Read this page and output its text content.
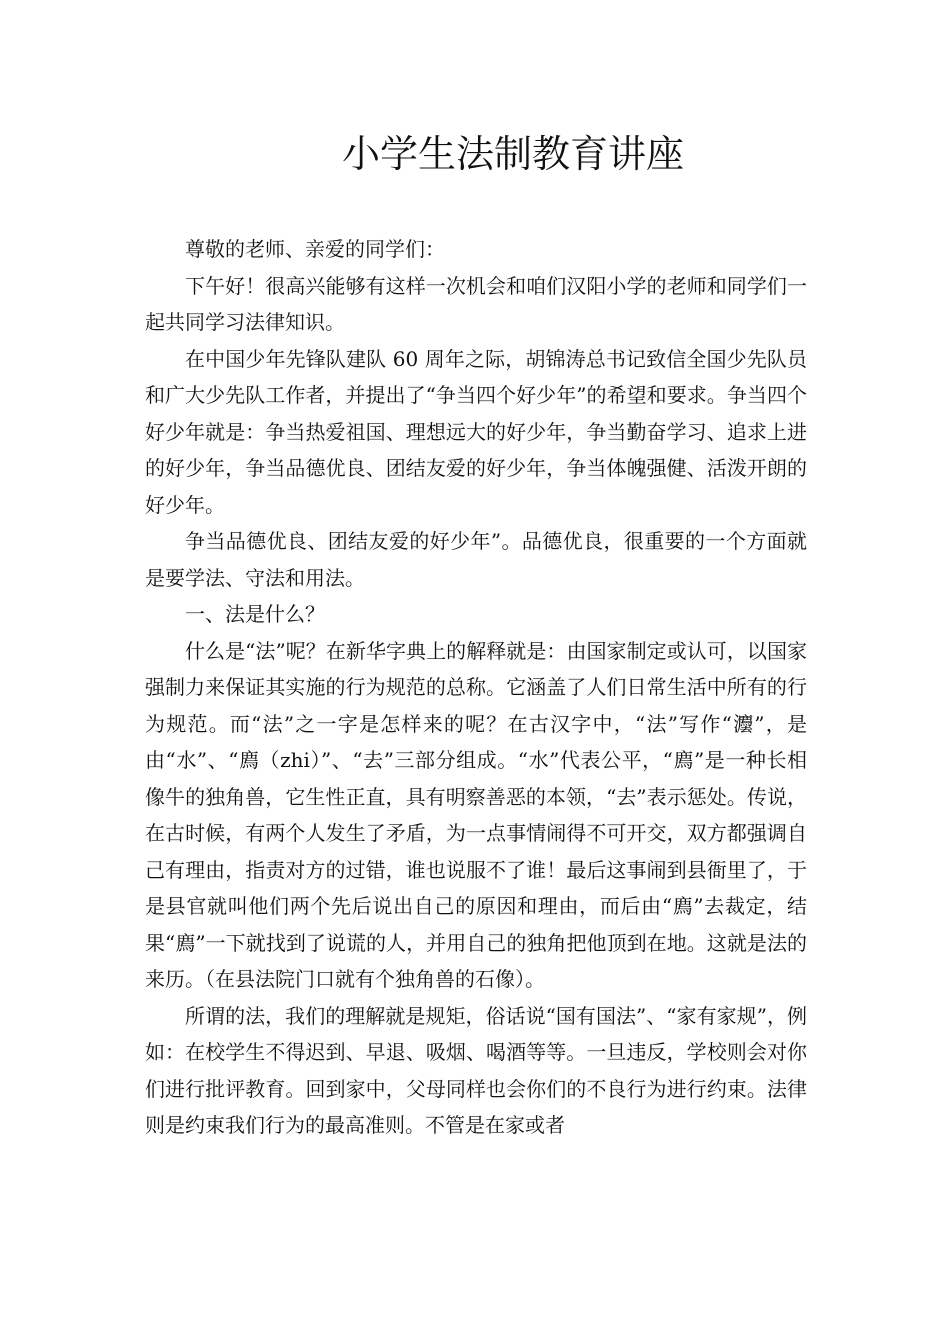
小学生法制教育讲座

尊敬的老师、亲爱的同学们：

下午好！很高兴能够有这样一次机会和咱们汉阳小学的老师和同学们一起共同学习法律知识。

在中国少年先锋队建队 60 周年之际，胡锦涛总书记致信全国少先队员和广大少先队工作者，并提出了“争当四个好少年”的希望和要求。争当四个好少年就是：争当热爱祖国、理想远大的好少年，争当勤奋学习、追求上进的好少年，争当品德优良、团结友爱的好少年，争当体魄强健、活泼开朗的好少年。

争当品德优良、团结友爱的好少年”。品德优良，很重要的一个方面就是要学法、守法和用法。

一、法是什么？

什么是“法”呢？在新华字典上的解释就是：由国家制定或认可，以国家强制力来保证其实施的行为规范的总称。它涵盖了人们日常生活中所有的行为规范。而“法”之一字是怎样来的呢？在古汉字中，“法”写作“灋”，是由“水”、“廌（zhi）”、“去”三部分组成。“水”代表公平，“廌”是一种长相像牛的独角兽，它生性正直，具有明察善恶的本领，“去”表示惩处。传说，在古时候，有两个人发生了矛盾，为一点事情闹得不可开交，双方都强调自己有理由，指责对方的过错，谁也说服不了谁！最后这事闹到县衙里了，于是县官就叫他们两个先后说出自己的原因和理由，而后由“廌”去裁定，结果“廌”一下就找到了说谎的人，并用自己的独角把他顶到在地。这就是法的来历。（在县法院门口就有个独角兽的石像）。

所谓的法，我们的理解就是规矩，俗话说“国有国法”、“家有家规”，例如：在校学生不得迟到、早退、吸烟、喝酒等等。一旦违反，学校则会对你们进行批评教育。回到家中，父母同样也会你们的不良行为进行约束。法律则是约束我们行为的最高准则。不管是在家或者
